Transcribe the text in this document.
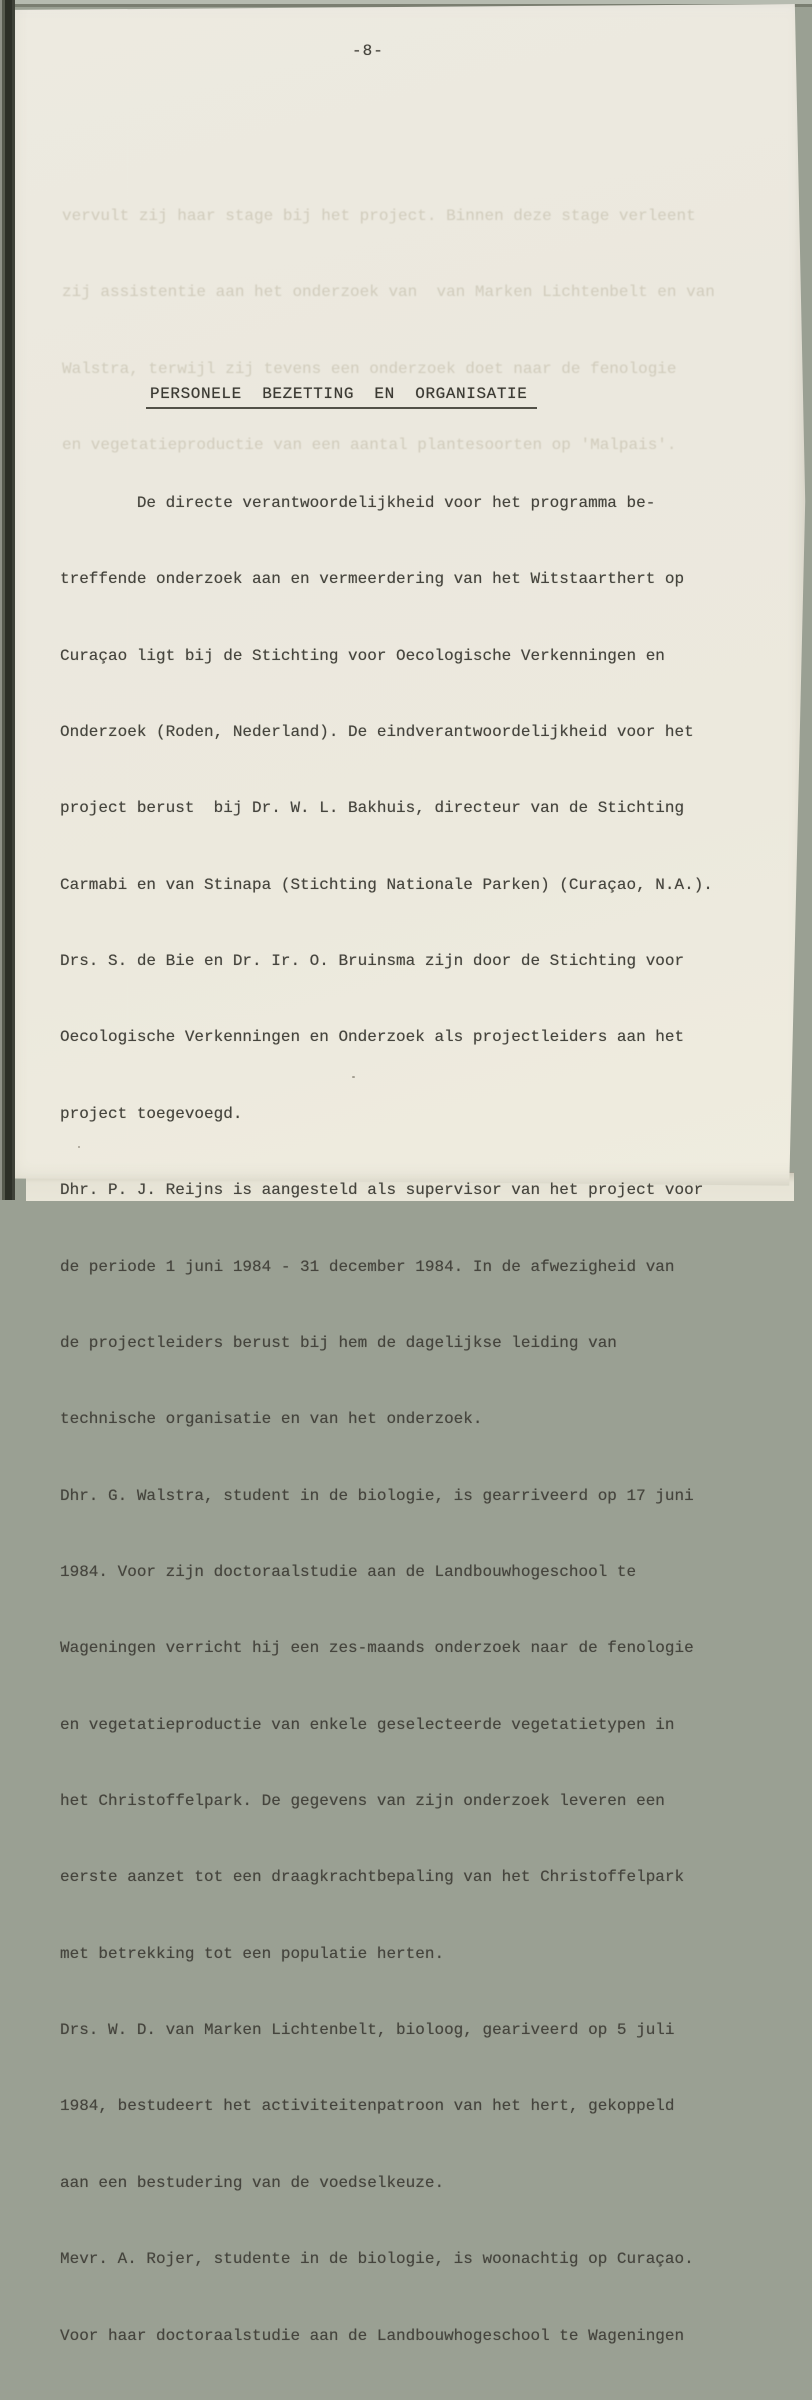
-8-

vervult zij haar stage bij het project. Binnen deze stage verleent

zij assistentie aan het onderzoek van  van Marken Lichtenbelt en van

Walstra, terwijl zij tevens een onderzoek doet naar de fenologie

en vegetatieproductie van een aantal plantesoorten op 'Malpais'.

PERSONELE  BEZETTING  EN  ORGANISATIE

De directe verantwoordelijkheid voor het programma be-

treffende onderzoek aan en vermeerdering van het Witstaarthert op

Curaçao ligt bij de Stichting voor Oecologische Verkenningen en

Onderzoek (Roden, Nederland). De eindverantwoordelijkheid voor het

project berust  bij Dr. W. L. Bakhuis, directeur van de Stichting

Carmabi en van Stinapa (Stichting Nationale Parken) (Curaçao, N.A.).

Drs. S. de Bie en Dr. Ir. O. Bruinsma zijn door de Stichting voor

Oecologische Verkenningen en Onderzoek als projectleiders aan het

project toegevoegd.

Dhr. P. J. Reijns is aangesteld als supervisor van het project voor

de periode 1 juni 1984 - 31 december 1984. In de afwezigheid van

de projectleiders berust bij hem de dagelijkse leiding van

technische organisatie en van het onderzoek.

Dhr. G. Walstra, student in de biologie, is gearriveerd op 17 juni

1984. Voor zijn doctoraalstudie aan de Landbouwhogeschool te

Wageningen verricht hij een zes-maands onderzoek naar de fenologie

en vegetatieproductie van enkele geselecteerde vegetatietypen in

het Christoffelpark. De gegevens van zijn onderzoek leveren een

eerste aanzet tot een draagkrachtbepaling van het Christoffelpark

met betrekking tot een populatie herten.

Drs. W. D. van Marken Lichtenbelt, bioloog, geariveerd op 5 juli

1984, bestudeert het activiteitenpatroon van het hert, gekoppeld

aan een bestudering van de voedselkeuze.

Mevr. A. Rojer, studente in de biologie, is woonachtig op Curaçao.

Voor haar doctoraalstudie aan de Landbouwhogeschool te Wageningen
